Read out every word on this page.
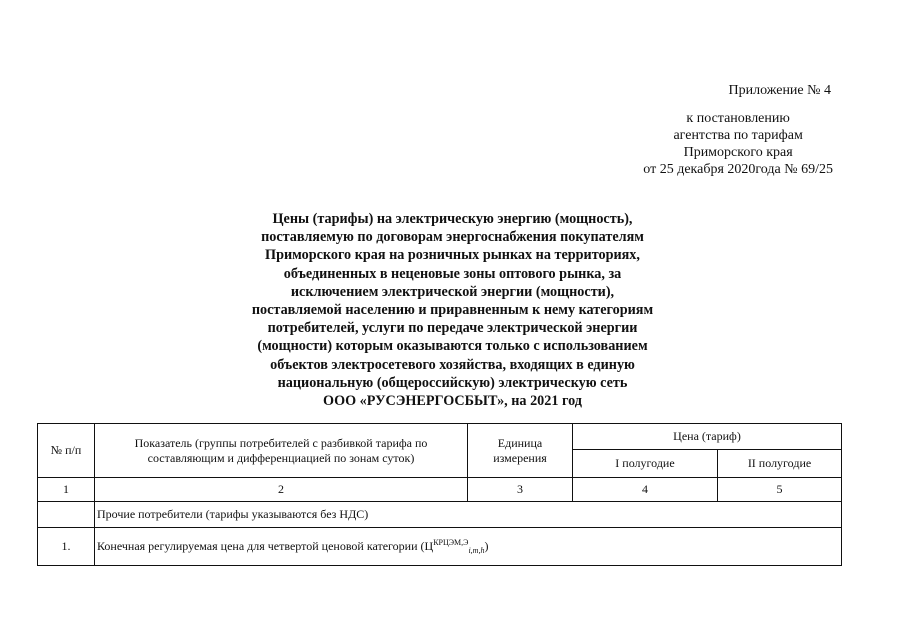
Приложение № 4
к постановлению
агентства по тарифам
Приморского края
от 25 декабря 2020года № 69/25
Цены (тарифы) на электрическую энергию (мощность),
поставляемую по договорам энергоснабжения покупателям
Приморского края на розничных рынках на территориях,
объединенных в неценовые зоны оптового рынка, за
исключением электрической энергии (мощности),
поставляемой населению и приравненным к нему категориям
потребителей, услуги по передаче электрической энергии
(мощности) которым оказываются только с использованием
объектов электросетевого хозяйства, входящих в единую
национальную (общероссийскую) электрическую сеть
ООО «РУСЭНЕРГОСБЫТ», на 2021 год
№ п/п	Показатель (группы потребителей с разбивкой тарифа по составляющим и дифференциацией по зонам суток)	Единица измерения	Цена (тариф)	
			I полугодие	II полугодие
1	2	3	4	5
	Прочие потребители (тарифы указываются без НДС)			
1.	Конечная регулируемая цена для четвертой ценовой категории $(Ц^{КРЦЭМ,Э}_{i,m,h})$			
